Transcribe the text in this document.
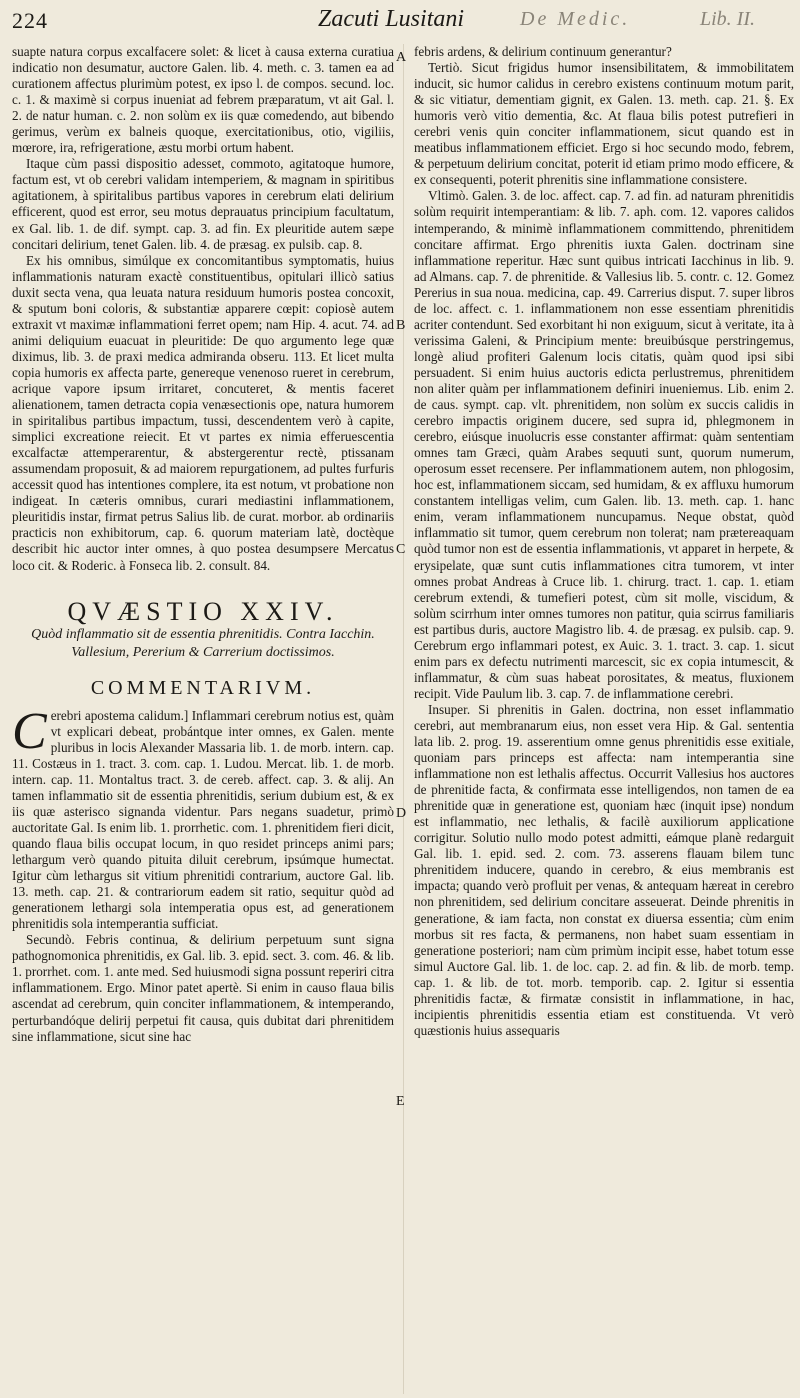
224	Zacuti Lusitani	De Medic.	Lib. II.
A
B
C
D
E

suapte natura corpus excalfacere solet: & licet à causa externa curatiua indicatio non desumatur, auctore Galen. lib. 4. meth. c. 3. tamen ea ad curationem affectus plurimùm potest, ex ipso l. de compos. secund. loc. c. 1. & maximè si corpus inueniat ad febrem præparatum, vt ait Gal. l. 2. de natur human. c. 2. non solùm ex iis quæ comedendo, aut bibendo gerimus, verùm ex balneis quoque, exercitationibus, otio, vigiliis, mœrore, ira, refrigeratione, æstu morbi ortum habent.

Itaque cùm passi dispositio adesset, commoto, agitatoque humore, factum est, vt ob cerebri validam intemperiem, & magnam in spiritibus agitationem, à spiritalibus partibus vapores in cerebrum elati delirium efficerent, quod est error, seu motus deprauatus principium facultatum, ex Gal. lib. 1. de dif. sympt. cap. 3. ad fin. Ex pleuritide autem sæpe concitari delirium, tenet Galen. lib. 4. de præsag. ex pulsib. cap. 8.

Ex his omnibus, simúlque ex concomitantibus symptomatis, huius inflammationis naturam exactè constituentibus, opitulari illicò satius duxit secta vena, qua leuata natura residuum humoris postea concoxit, & sputum boni coloris, & substantiæ apparere cœpit: copiosè autem extraxit vt maximæ inflammationi ferret opem; nam Hip. 4. acut. 74. ad animi deliquium euacuat in pleuritide: De quo argumento lege quæ diximus, lib. 3. de praxi medica admiranda obseru. 113. Et licet multa copia humoris ex affecta parte, genereque venenoso rueret in cerebrum, acrique vapore ipsum irritaret, concuteret, & mentis faceret alienationem, tamen detracta copia venæsectionis ope, natura humorem in spiritalibus partibus impactum, tussi, descendentem verò à capite, simplici excreatione reiecit. Et vt partes ex nimia efferuescentia excalfactæ attemperarentur, & abstergerentur rectè, ptissanam assumendam proposuit, & ad maiorem repurgationem, ad pultes furfuris accessit quod has intentiones complere, ita est notum, vt probatione non indigeat. In cæteris omnibus, curari mediastini inflammationem, pleuritidis instar, firmat petrus Salius lib. de curat. morbor. ab ordinariis practicis non exhibitorum, cap. 6. quorum materiam latè, doctèque describit hic auctor inter omnes, à quo postea desumpsere Mercatus loco cit. & Roderic. à Fonseca lib. 2. consult. 84.

QVÆSTIO XXIV.
Quòd inflammatio sit de essentia phrenitidis. Contra Iacchin. Vallesium, Pererium & Carrerium doctissimos.
COMMENTARIVM.

Cerebri apostema calidum.] Inflammari cerebrum notius est, quàm vt explicari debeat, probántque inter omnes, ex Galen. mente pluribus in locis Alexander Massaria lib. 1. de morb. intern. cap. 11. Costæus in 1. tract. 3. com. cap. 1. Ludou. Mercat. lib. 1. de morb. intern. cap. 11. Montaltus tract. 3. de cereb. affect. cap. 3. & alij. An tamen inflammatio sit de essentia phrenitidis, serium dubium est, & ex iis quæ asterisco signanda videntur. Pars negans suadetur, primò auctoritate Gal. Is enim lib. 1. prorrhetic. com. 1. phrenitidem fieri dicit, quando flaua bilis occupat locum, in quo residet princeps animi pars; lethargum verò quando pituita diluit cerebrum, ipsúmque humectat. Igitur cùm lethargus sit vitium phrenitidi contrarium, auctore Gal. lib. 13. meth. cap. 21. & contrariorum eadem sit ratio, sequitur quòd ad generationem lethargi sola intemperatia opus est, ad generationem phrenitidis sola intemperantia sufficiat.

Secundò. Febris continua, & delirium perpetuum sunt signa pathognomonica phrenitidis, ex Gal. lib. 3. epid. sect. 3. com. 46. & lib. 1. prorrhet. com. 1. ante med. Sed huiusmodi signa possunt reperiri citra inflammationem. Ergo. Minor patet apertè. Si enim in causo flaua bilis ascendat ad cerebrum, quin conciter inflammationem, & intemperando, perturbandóque delirij perpetui fit causa, quis dubitat dari phrenitidem sine inflammatione, sicut sine hac

febris ardens, & delirium continuum generantur?

Tertiò. Sicut frigidus humor insensibilitatem, & immobilitatem inducit, sic humor calidus in cerebro existens continuum motum parit, & sic vitiatur, dementiam gignit, ex Galen. 13. meth. cap. 21. §. Ex humoris verò vitio dementia, &c. At flaua bilis potest putrefieri in cerebri venis quin conciter inflammationem, sicut quando est in meatibus inflammationem efficiet. Ergo si hoc secundo modo, febrem, & perpetuum delirium concitat, poterit id etiam primo modo efficere, & ex consequenti, poterit phrenitis sine inflammatione consistere.

Vltimò. Galen. 3. de loc. affect. cap. 7. ad fin. ad naturam phrenitidis solùm requirit intemperantiam: & lib. 7. aph. com. 12. vapores calidos intemperando, & minimè inflammationem committendo, phrenitidem concitare affirmat. Ergo phrenitis iuxta Galen. doctrinam sine inflammatione reperitur. Hæc sunt quibus intricati Iacchinus in lib. 9. ad Almans. cap. 7. de phrenitide. & Vallesius lib. 5. contr. c. 12. Gomez Pererius in sua noua. medicina, cap. 49. Carrerius disput. 7. super libros de loc. affect. c. 1. inflammationem non esse essentiam phrenitidis acriter contendunt. Sed exorbitant hi non exiguum, sicut à veritate, ita à verissima Galeni, & Principium mente: breuibúsque perstringemus, longè aliud profiteri Galenum locis citatis, quàm quod ipsi sibi persuadent. Si enim huius auctoris edicta perlustremus, phrenitidem non aliter quàm per inflammationem definiri inueniemus. Lib. enim 2. de caus. sympt. cap. vlt. phrenitidem, non solùm ex succis calidis in cerebro impactis originem ducere, sed supra id, phlegmonem in cerebro, eiúsque inuolucris esse constanter affirmat: quàm sententiam omnes tam Græci, quàm Arabes sequuti sunt, quorum numerum, operosum esset recensere. Per inflammationem autem, non phlogosim, hoc est, inflammationem siccam, sed humidam, & ex affluxu humorum constantem intelligas velim, cum Galen. lib. 13. meth. cap. 1. hanc enim, veram inflammationem nuncupamus. Neque obstat, quòd inflammatio sit tumor, quem cerebrum non tolerat; nam prætereaquam quòd tumor non est de essentia inflammationis, vt apparet in herpete, & erysipelate, quæ sunt cutis inflammationes citra tumorem, vt inter omnes probat Andreas à Cruce lib. 1. chirurg. tract. 1. cap. 1. etiam cerebrum extendi, & tumefieri potest, cùm sit molle, viscidum, & solùm scirrhum inter omnes tumores non patitur, quia scirrus familiaris est partibus duris, auctore Magistro lib. 4. de præsag. ex pulsib. cap. 9. Cerebrum ergo inflammari potest, ex Auic. 3. 1. tract. 3. cap. 1. sicut enim pars ex defectu nutrimenti marcescit, sic ex copia intumescit, & inflammatur, & cùm suas habeat porositates, & meatus, fluxionem recipit. Vide Paulum lib. 3. cap. 7. de inflammatione cerebri.

Insuper. Si phrenitis in Galen. doctrina, non esset inflammatio cerebri, aut membranarum eius, non esset vera Hip. & Gal. sententia lata lib. 2. prog. 19. asserentium omne genus phrenitidis esse exitiale, quoniam pars princeps est affecta: nam intemperantia sine inflammatione non est lethalis affectus. Occurrit Vallesius hos auctores de phrenitide facta, & confirmata esse intelligendos, non tamen de ea phrenitide quæ in generatione est, quoniam hæc (inquit ipse) nondum est inflammatio, nec lethalis, & facilè auxiliorum applicatione corrigitur. Solutio nullo modo potest admitti, eámque planè redarguit Gal. lib. 1. epid. sed. 2. com. 73. asserens flauam bilem tunc phrenitidem inducere, quando in cerebro, & eius membranis est impacta; quando verò profluit per venas, & antequam hæreat in cerebro non phrenitidem, sed delirium concitare asseuerat. Deinde phrenitis in generatione, & iam facta, non constat ex diuersa essentia; cùm enim morbus sit res facta, & permanens, non habet suam essentiam in generatione posteriori; nam cùm primùm incipit esse, habet totum esse simul Auctore Gal. lib. 1. de loc. cap. 2. ad fin. & lib. de morb. temp. cap. 1. & lib. de tot. morb. temporib. cap. 2. Igitur si essentia phrenitidis factæ, & firmatæ consistit in inflammatione, in hac, incipientis phrenitidis essentia etiam est constituenda. Vt verò quæstionis huius assequaris
